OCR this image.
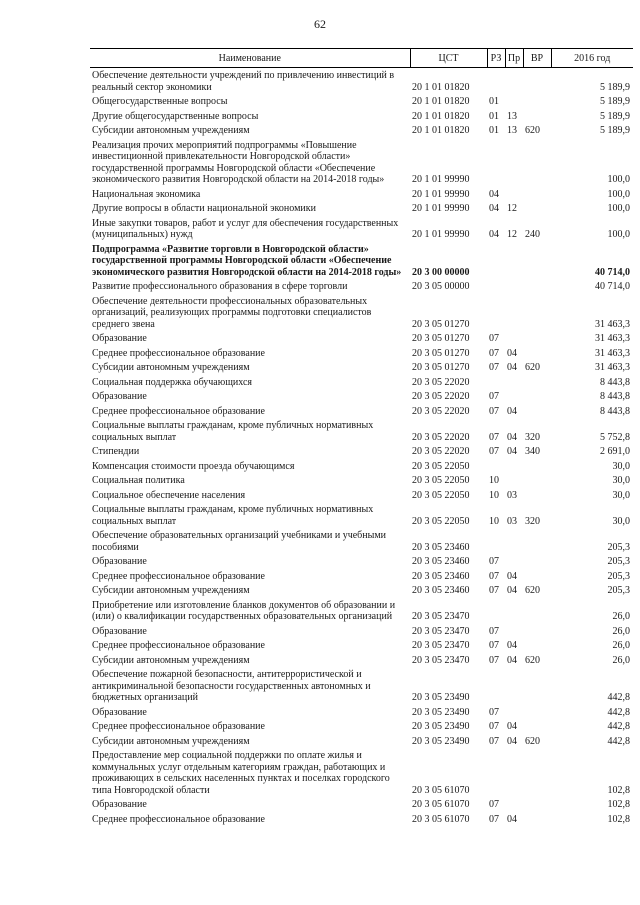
62
Наименование	ЦСТ	РЗ	Пр	ВР	2016 год
Обеспечение деятельности учреждений по привлечению инвестиций в реальный сектор экономики	20 1 01 01820				5 189,9
Общегосударственные вопросы	20 1 01 01820	01			5 189,9
Другие общегосударственные вопросы	20 1 01 01820	01	13		5 189,9
Субсидии автономным учреждениям	20 1 01 01820	01	13	620	5 189,9
Реализация прочих мероприятий подпрограммы «Повышение инвестиционной привлекательности Новгородской области» государственной программы Новгородской области «Обеспечение экономического развития Новгородской области на 2014-2018 годы»	20 1 01 99990				100,0
Национальная экономика	20 1 01 99990	04			100,0
Другие вопросы в области национальной экономики	20 1 01 99990	04	12		100,0
Иные закупки товаров, работ и услуг для обеспечения государственных (муниципальных) нужд	20 1 01 99990	04	12	240	100,0
Подпрограмма «Развитие торговли в Новгородской области» государственной программы Новгородской области «Обеспечение экономического развития Новгородской области на 2014-2018 годы»	20 3 00 00000				40 714,0
Развитие профессионального образования в сфере торговли	20 3 05 00000				40 714,0
Обеспечение деятельности профессиональных образовательных организаций, реализующих программы подготовки специалистов среднего звена	20 3 05 01270				31 463,3
Образование	20 3 05 01270	07			31 463,3
Среднее профессиональное образование	20 3 05 01270	07	04		31 463,3
Субсидии автономным учреждениям	20 3 05 01270	07	04	620	31 463,3
Социальная поддержка обучающихся	20 3 05 22020				8 443,8
Образование	20 3 05 22020	07			8 443,8
Среднее профессиональное образование	20 3 05 22020	07	04		8 443,8
Социальные выплаты гражданам, кроме публичных нормативных социальных выплат	20 3 05 22020	07	04	320	5 752,8
Стипендии	20 3 05 22020	07	04	340	2 691,0
Компенсация стоимости проезда обучающимся	20 3 05 22050				30,0
Социальная политика	20 3 05 22050	10			30,0
Социальное обеспечение населения	20 3 05 22050	10	03		30,0
Социальные выплаты гражданам, кроме публичных нормативных социальных выплат	20 3 05 22050	10	03	320	30,0
Обеспечение образовательных организаций учебниками и учебными пособиями	20 3 05 23460				205,3
Образование	20 3 05 23460	07			205,3
Среднее профессиональное образование	20 3 05 23460	07	04		205,3
Субсидии автономным учреждениям	20 3 05 23460	07	04	620	205,3
Приобретение или изготовление бланков документов об образовании и (или) о квалификации государственных образовательных организаций	20 3 05 23470				26,0
Образование	20 3 05 23470	07			26,0
Среднее профессиональное образование	20 3 05 23470	07	04		26,0
Субсидии автономным учреждениям	20 3 05 23470	07	04	620	26,0
Обеспечение пожарной безопасности, антитеррористической и антикриминальной безопасности государственных автономных и бюджетных организаций	20 3 05 23490				442,8
Образование	20 3 05 23490	07			442,8
Среднее профессиональное образование	20 3 05 23490	07	04		442,8
Субсидии автономным учреждениям	20 3 05 23490	07	04	620	442,8
Предоставление мер социальной поддержки по оплате жилья и коммунальных услуг отдельным категориям граждан, работающих и проживающих в сельских населенных пунктах и поселках городского типа Новгородской области	20 3 05 61070				102,8
Образование	20 3 05 61070	07			102,8
Среднее профессиональное образование	20 3 05 61070	07	04		102,8
